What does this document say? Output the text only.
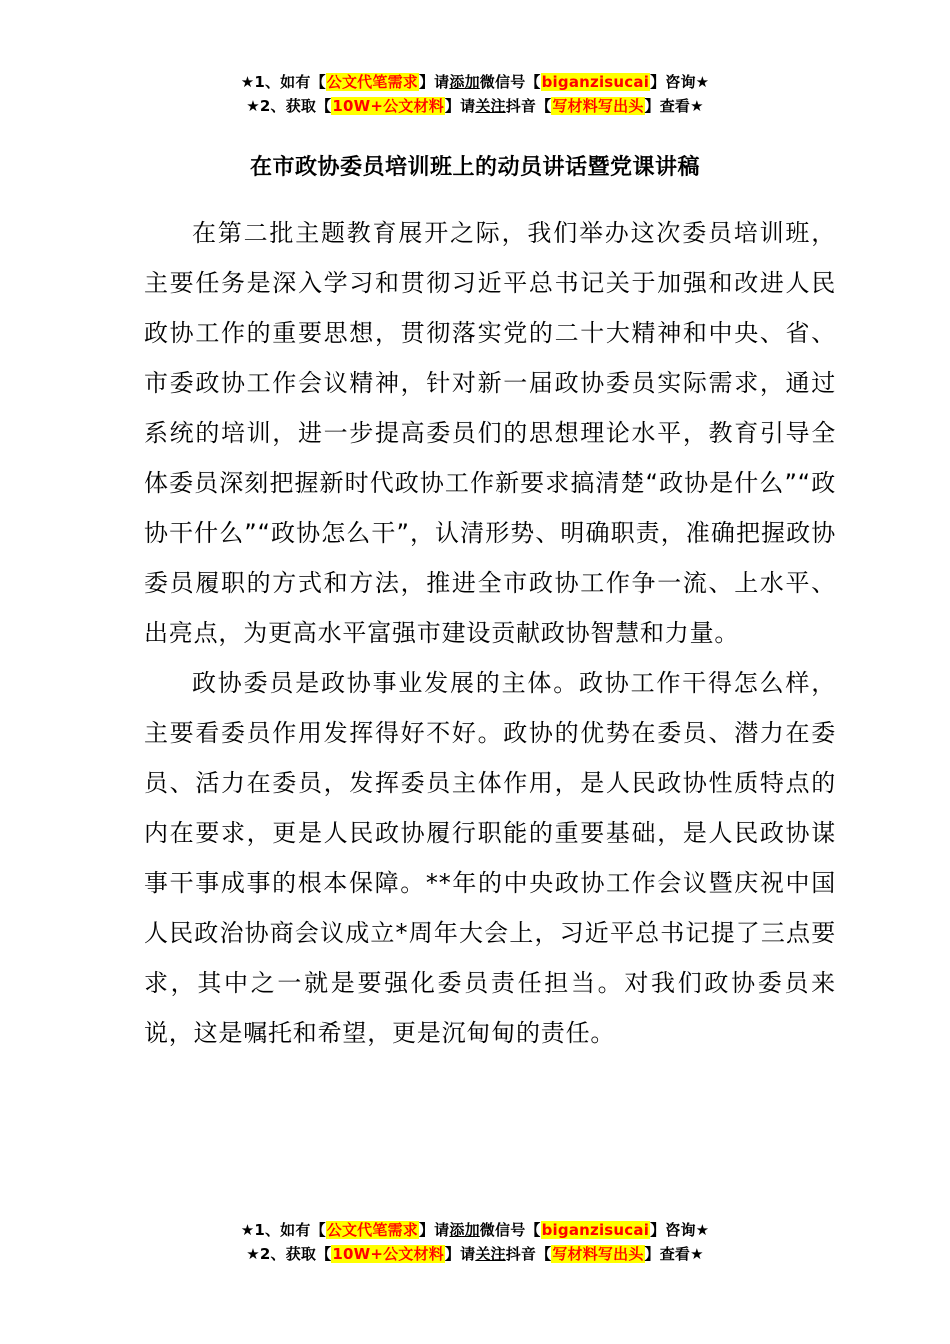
★1、如有【公文代笔需求】请添加微信号【biganzisucai】咨询★
★2、获取【10W+公文材料】请关注抖音【写材料写出头】查看★
在市政协委员培训班上的动员讲话暨党课讲稿

在第二批主题教育展开之际，我们举办这次委员培训班，主要任务是深入学习和贯彻习近平总书记关于加强和改进人民政协工作的重要思想，贯彻落实党的二十大精神和中央、省、市委政协工作会议精神，针对新一届政协委员实际需求，通过系统的培训，进一步提高委员们的思想理论水平，教育引导全体委员深刻把握新时代政协工作新要求搞清楚“政协是什么”“政协干什么”“政协怎么干”，认清形势、明确职责，准确把握政协委员履职的方式和方法，推进全市政协工作争一流、上水平、出亮点，为更高水平富强市建设贡献政协智慧和力量。

政协委员是政协事业发展的主体。政协工作干得怎么样，主要看委员作用发挥得好不好。政协的优势在委员、潜力在委员、活力在委员，发挥委员主体作用，是人民政协性质特点的内在要求，更是人民政协履行职能的重要基础，是人民政协谋事干事成事的根本保障。**年的中央政协工作会议暨庆祝中国人民政治协商会议成立*周年大会上，习近平总书记提了三点要求，其中之一就是要强化委员责任担当。对我们政协委员来说，这是嘱托和希望，更是沉甸甸的责任。

★1、如有【公文代笔需求】请添加微信号【biganzisucai】咨询★
★2、获取【10W+公文材料】请关注抖音【写材料写出头】查看★
